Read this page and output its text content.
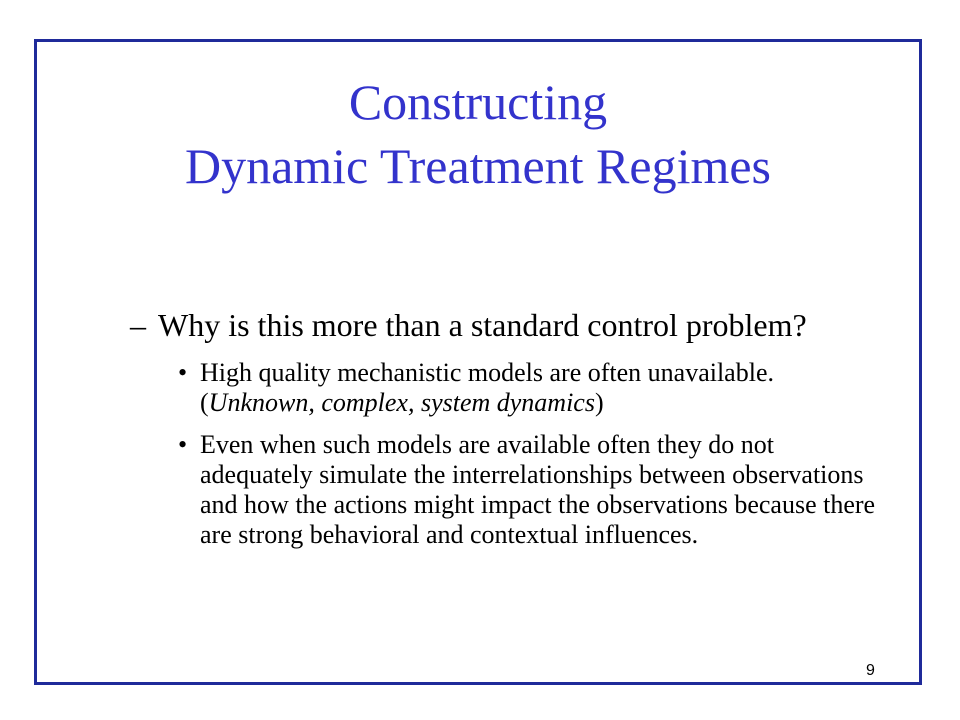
Constructing
Dynamic Treatment Regimes
– Why is this more than a standard control problem?
• High quality mechanistic models are often unavailable. (Unknown, complex, system dynamics)
• Even when such models are available often they do not adequately simulate the interrelationships between observations and how the actions might impact the observations because there are strong behavioral and contextual influences.
9
